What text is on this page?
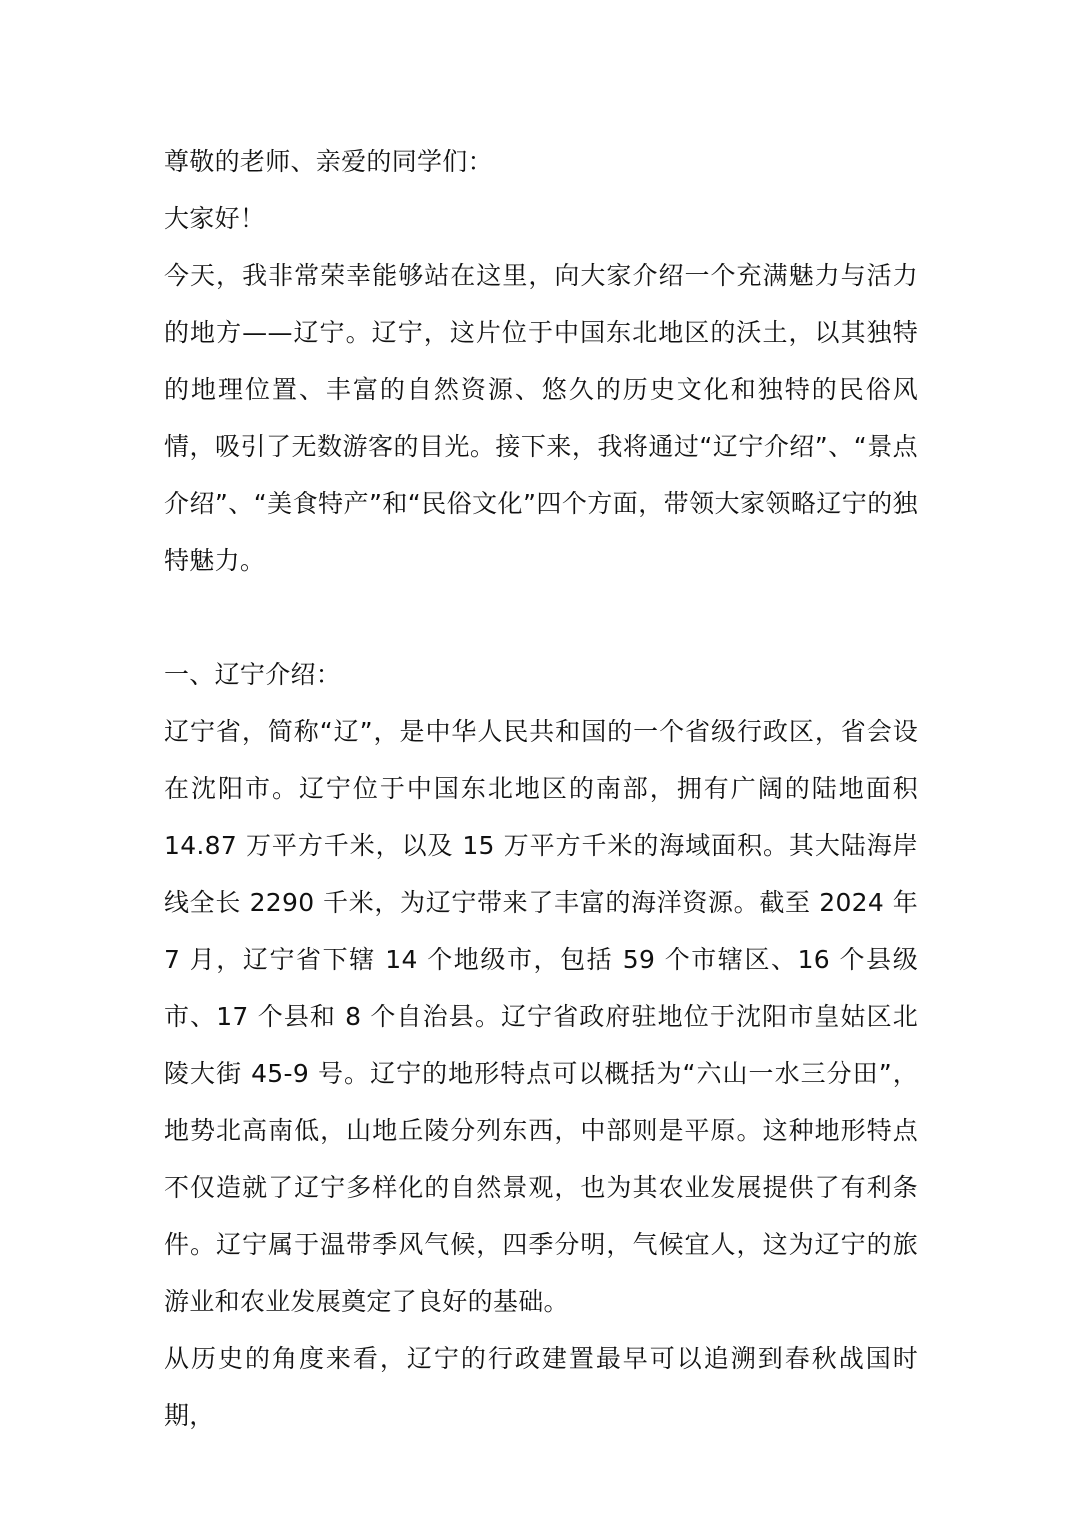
尊敬的老师、亲爱的同学们：

大家好！

今天，我非常荣幸能够站在这里，向大家介绍一个充满魅力与活力的地方——辽宁。辽宁，这片位于中国东北地区的沃土，以其独特的地理位置、丰富的自然资源、悠久的历史文化和独特的民俗风情，吸引了无数游客的目光。接下来，我将通过“辽宁介绍”、“景点介绍”、“美食特产”和“民俗文化”四个方面，带领大家领略辽宁的独特魅力。

一、辽宁介绍：

辽宁省，简称“辽”，是中华人民共和国的一个省级行政区，省会设在沈阳市。辽宁位于中国东北地区的南部，拥有广阔的陆地面积 14.87 万平方千米，以及 15 万平方千米的海域面积。其大陆海岸线全长 2290 千米，为辽宁带来了丰富的海洋资源。截至 2024 年 7 月，辽宁省下辖 14 个地级市，包括 59 个市辖区、16 个县级市、17 个县和 8 个自治县。辽宁省政府驻地位于沈阳市皇姑区北陵大街 45-9 号。辽宁的地形特点可以概括为“六山一水三分田”，地势北高南低，山地丘陵分列东西，中部则是平原。这种地形特点不仅造就了辽宁多样化的自然景观，也为其农业发展提供了有利条件。辽宁属于温带季风气候，四季分明，气候宜人，这为辽宁的旅游业和农业发展奠定了良好的基础。

从历史的角度来看，辽宁的行政建置最早可以追溯到春秋战国时期，
